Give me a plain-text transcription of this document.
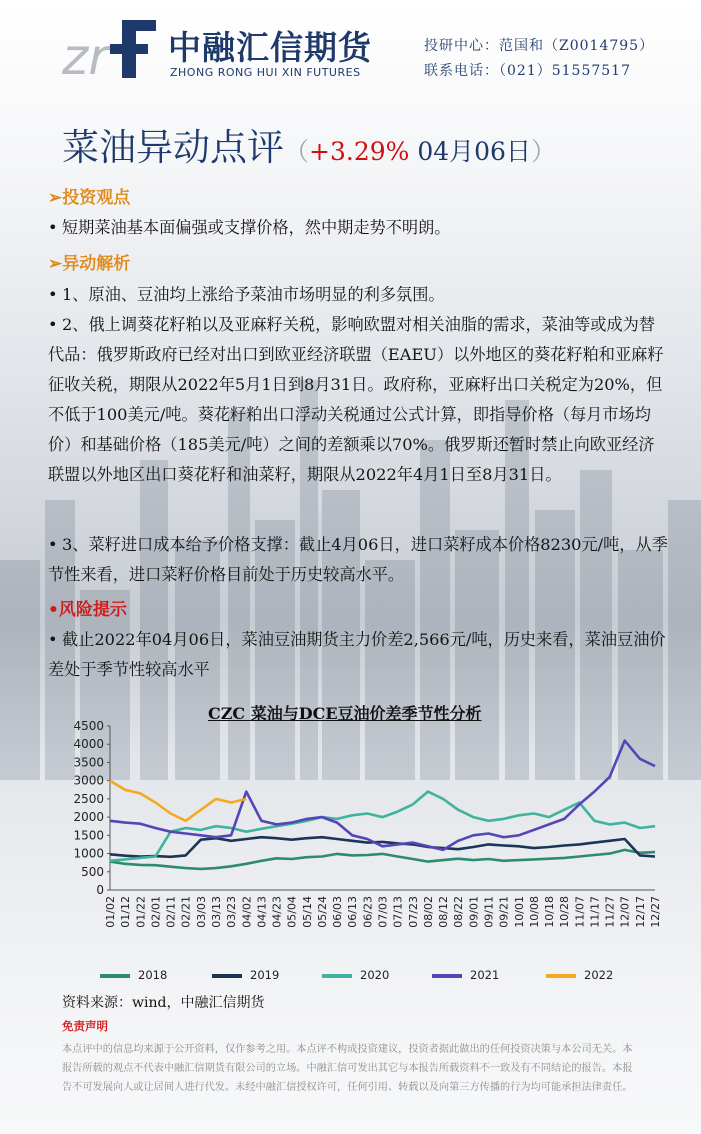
zr 中融汇信期货
ZHONG RONG HUI XIN FUTURES
投研中心：范国和（Z0014795）
联系电话：（021）51557517
菜油异动点评（+3.29% 04月06日）
➢投资观点

• 短期菜油基本面偏强或支撑价格，然中期走势不明朗。

➢异动解析

• 1、原油、豆油均上涨给予菜油市场明显的利多氛围。

• 2、俄上调葵花籽粕以及亚麻籽关税，影响欧盟对相关油脂的需求，菜油等或成为替代品：俄罗斯政府已经对出口到欧亚经济联盟（EAEU）以外地区的葵花籽粕和亚麻籽征收关税，期限从2022年5月1日到8月31日。政府称，亚麻籽出口关税定为20%，但不低于100美元/吨。葵花籽粕出口浮动关税通过公式计算，即指导价格（每月市场均价）和基础价格（185美元/吨）之间的差额乘以70%。俄罗斯还暂时禁止向欧亚经济联盟以外地区出口葵花籽和油菜籽，期限从2022年4月1日至8月31日。

• 3、菜籽进口成本给予价格支撑：截止4月06日，进口菜籽成本价格8230元/吨，从季节性来看，进口菜籽价格目前处于历史较高水平。

•风险提示

• 截止2022年04月06日，菜油豆油期货主力价差2,566元/吨，历史来看，菜油豆油价差处于季节性较高水平

CZC 菜油与DCE豆油价差季节性分析
0
500
1000
1500
2000
2500
3000
3500
4000
4500
01/02 01/12 01/22 02/01 02/11 02/21 03/03 03/13 03/23 04/02 04/13 04/23 05/04 05/14 05/24 06/03 06/13 06/23 07/03 07/13 07/23 08/02 08/12 08/22 09/01 09/11 09/21 10/01 10/08 10/18 10/28 11/07 11/17 11/27 12/07 12/17 12/27
2018	2019	2020	2021	2022
资料来源：wind，中融汇信期货
免责声明
本点评中的信息均来源于公开资料，仅作参考之用。本点评不构成投资建议，投资者据此做出的任何投资决策与本公司无关。本报告所载的观点不代表中融汇信期货有限公司的立场。中融汇信可发出其它与本报告所载资料不一致及有不同结论的报告。本报告不可发展向人或让居间人进行代发。未经中融汇信授权许可，任何引用、转载以及向第三方传播的行为均可能承担法律责任。
